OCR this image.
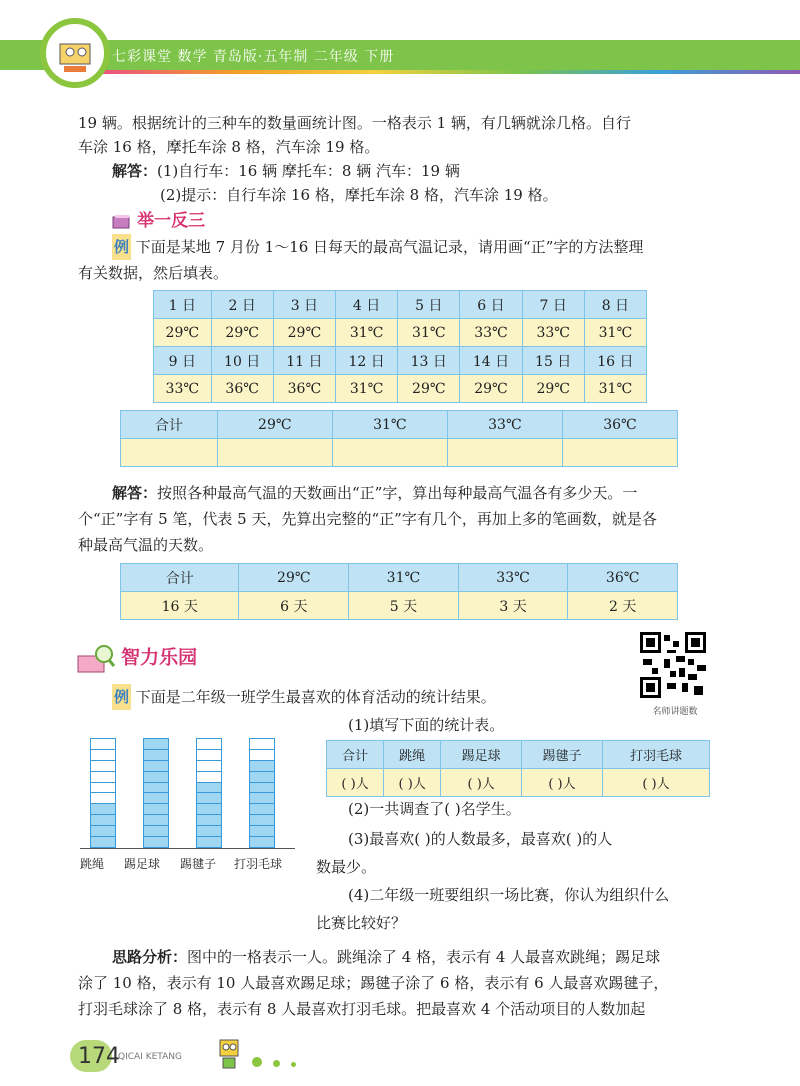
七彩课堂 数学 青岛版·五年制 二年级 下册
19 辆。根据统计的三种车的数量画统计图。一格表示 1 辆，有几辆就涂几格。自行
车涂 16 格，摩托车涂 8 格，汽车涂 19 格。
解答：(1)自行车：16 辆 摩托车：8 辆 汽车：19 辆
(2)提示：自行车涂 16 格，摩托车涂 8 格，汽车涂 19 格。
举一反三
例 下面是某地 7 月份 1～16 日每天的最高气温记录，请用画“正”字的方法整理
有关数据，然后填表。
1 日	2 日	3 日	4 日	5 日	6 日	7 日	8 日
29℃	29℃	29℃	31℃	31℃	33℃	33℃	31℃
9 日	10 日	11 日	12 日	13 日	14 日	15 日	16 日
33℃	36℃	36℃	31℃	29℃	29℃	29℃	31℃
合计	29℃	31℃	33℃	36℃

解答：按照各种最高气温的天数画出“正”字，算出每种最高气温各有多少天。一
个“正”字有 5 笔，代表 5 天，先算出完整的“正”字有几个，再加上多的笔画数，就是各
种最高气温的天数。
合计	29℃	31℃	33℃	36℃
16 天	6 天	5 天	3 天	2 天
智力乐园
名师讲题数
例 下面是二年级一班学生最喜欢的体育活动的统计结果。
(1)填写下面的统计表。
跳绳 踢足球 踢毽子 打羽毛球
合计	跳绳	踢足球	踢毽子	打羽毛球
( )人	( )人	( )人	( )人	( )人
(2)一共调查了( )名学生。
(3)最喜欢( )的人数最多，最喜欢( )的人
数最少。
(4)二年级一班要组织一场比赛，你认为组织什么
比赛比较好？
思路分析：图中的一格表示一人。跳绳涂了 4 格，表示有 4 人最喜欢跳绳；踢足球
涂了 10 格，表示有 10 人最喜欢踢足球；踢毽子涂了 6 格，表示有 6 人最喜欢踢毽子，
打羽毛球涂了 8 格，表示有 8 人最喜欢打羽毛球。把最喜欢 4 个活动项目的人数加起
174
QICAI KETANG
